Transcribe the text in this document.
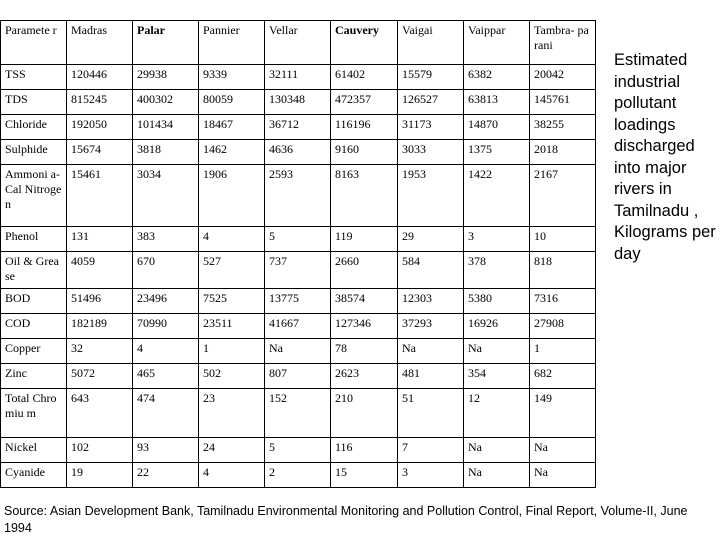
Paramete r	Madras	Palar	Pannier	Vellar	Cauvery	Vaigai	Vaippar	Tambra- parani
TSS	120446	29938	9339	32111	61402	15579	6382	20042
TDS	815245	400302	80059	130348	472357	126527	63813	145761
Chloride	192050	101434	18467	36712	116196	31173	14870	38255
Sulphide	15674	3818	1462	4636	9160	3033	1375	2018
Ammoni a- Cal Nitrogen	15461	3034	1906	2593	8163	1953	1422	2167
Phenol	131	383	4	5	119	29	3	10
Oil & Grease	4059	670	527	737	2660	584	378	818
BOD	51496	23496	7525	13775	38574	12303	5380	7316
COD	182189	70990	23511	41667	127346	37293	16926	27908
Copper	32	4	1	Na	78	Na	Na	1
Zinc	5072	465	502	807	2623	481	354	682
Total Chromiu m	643	474	23	152	210	51	12	149
Nickel	102	93	24	5	116	7	Na	Na
Cyanide	19	22	4	2	15	3	Na	Na
Estimated industrial pollutant loadings discharged into major rivers in Tamilnadu , Kilograms per day
Source: Asian Development Bank, Tamilnadu Environmental Monitoring and Pollution Control, Final Report, Volume-II, June 1994
